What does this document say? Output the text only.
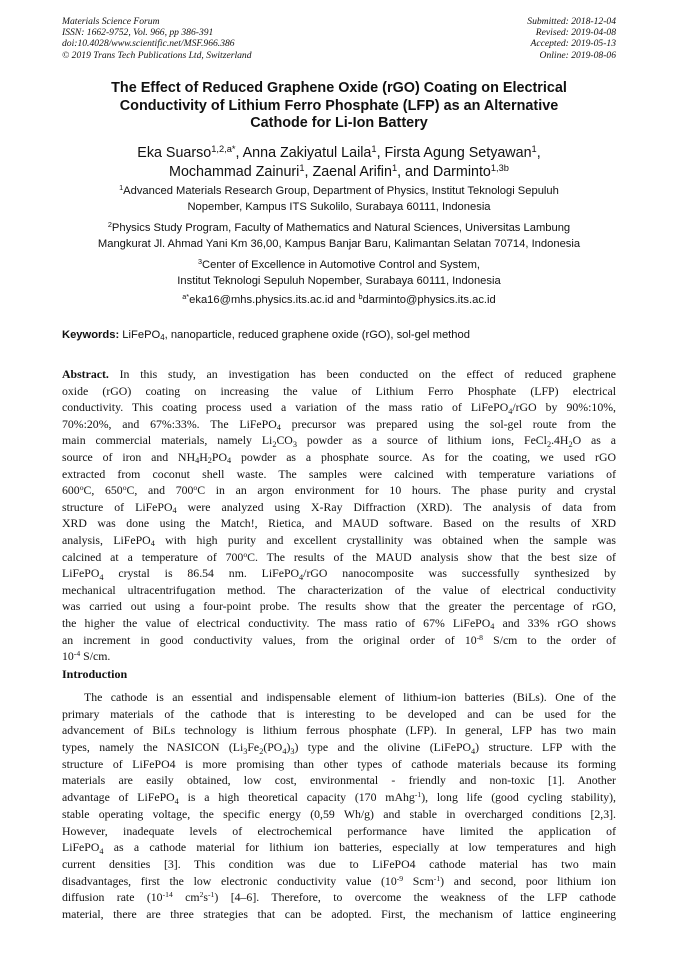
Materials Science Forum
ISSN: 1662-9752, Vol. 966, pp 386-391
doi:10.4028/www.scientific.net/MSF.966.386
© 2019 Trans Tech Publications Ltd, Switzerland
Submitted: 2018-12-04
Revised: 2019-04-08
Accepted: 2019-05-13
Online: 2019-08-06
The Effect of Reduced Graphene Oxide (rGO) Coating on Electrical
Conductivity of Lithium Ferro Phosphate (LFP) as an Alternative
Cathode for Li-Ion Battery
Eka Suarso$^{1,2,a*}$, Anna Zakiyatul Laila$^1$, Firsta Agung Setyawan$^1$,
Mochammad Zainuri$^1$, Zaenal Arifin$^1$, and Darminto$^{1,3b}$
$^1$Advanced Materials Research Group, Department of Physics, Institut Teknologi Sepuluh
Nopember, Kampus ITS Sukolilo, Surabaya 60111, Indonesia
$^2$Physics Study Program, Faculty of Mathematics and Natural Sciences, Universitas Lambung
Mangkurat Jl. Ahmad Yani Km 36,00, Kampus Banjar Baru, Kalimantan Selatan 70714, Indonesia
$^3$Center of Excellence in Automotive Control and System,
Institut Teknologi Sepuluh Nopember, Surabaya 60111, Indonesia
$^{a*}$eka16@mhs.physics.its.ac.id and $^b$darminto@physics.its.ac.id
Keywords: LiFePO$_4$, nanoparticle, reduced graphene oxide (rGO), sol-gel method
Abstract. In this study, an investigation has been conducted on the effect of reduced graphene
oxide (rGO) coating on increasing the value of Lithium Ferro Phosphate (LFP) electrical
conductivity. This coating process used a variation of the mass ratio of LiFePO$_4$/rGO by 90%:10%,
70%:20%, and 67%:33%. The LiFePO$_4$ precursor was prepared using the sol-gel route from the
main commercial materials, namely $Li_2CO_3$ powder as a source of lithium ions, $FeCl_2.4H_2O$ as a
source of iron and $NH_4H_2PO_4$ powder as a phosphate source. As for the coating, we used rGO
extracted from coconut shell waste. The samples were calcined with temperature variations of
600$^o$C, 650$^o$C, and 700$^o$C in an argon environment for 10 hours. The phase purity and crystal
structure of LiFePO$_4$ were analyzed using X-Ray Diffraction (XRD). The analysis of data from
XRD was done using the Match!, Rietica, and MAUD software. Based on the results of XRD
analysis, LiFePO$_4$ with high purity and excellent crystallinity was obtained when the sample was
calcined at a temperature of 700$^o$C. The results of the MAUD analysis show that the best size of
LiFePO$_4$ crystal is 86.54 nm. LiFePO$_4$/rGO nanocomposite was successfully synthesized by
mechanical ultracentrifugation method. The characterization of the value of electrical conductivity
was carried out using a four-point probe. The results show that the greater the percentage of rGO,
the higher the value of electrical conductivity. The mass ratio of 67% LiFePO$_4$ and 33% rGO shows
an increment in good conductivity values, from the original order of $10^{-8}$ S/cm to the order of
$10^{-4}$ S/cm.
Introduction
The cathode is an essential and indispensable element of lithium-ion batteries (BiLs). One of the
primary materials of the cathode that is interesting to be developed and can be used for the
advancement of BiLs technology is lithium ferrous phosphate (LFP). In general, LFP has two main
types, namely the NASICON $(Li_3Fe_2(PO_4)_3)$ type and the olivine (LiFePO$_4$) structure. LFP with the
structure of LiFePO4 is more promising than other types of cathode materials because its forming
materials are easily obtained, low cost, environmental - friendly and non-toxic [1]. Another
advantage of LiFePO$_4$ is a high theoretical capacity (170 mAhg$^{-1}$), long life (good cycling stability),
stable operating voltage, the specific energy (0,59 Wh/g) and stable in overcharged conditions [2,3].
However, inadequate levels of electrochemical performance have limited the application of
LiFePO$_4$ as a cathode material for lithium ion batteries, especially at low temperatures and high
current densities [3]. This condition was due to LiFePO4 cathode material has two main
disadvantages, first the low electronic conductivity value ($10^{-9}$ Scm$^{-1}$) and second, poor lithium ion
diffusion rate ($10^{-14}$ $cm^2s^{-1}$) [4–6]. Therefore, to overcome the weakness of the LFP cathode
material, there are three strategies that can be adopted. First, the mechanism of lattice engineering
